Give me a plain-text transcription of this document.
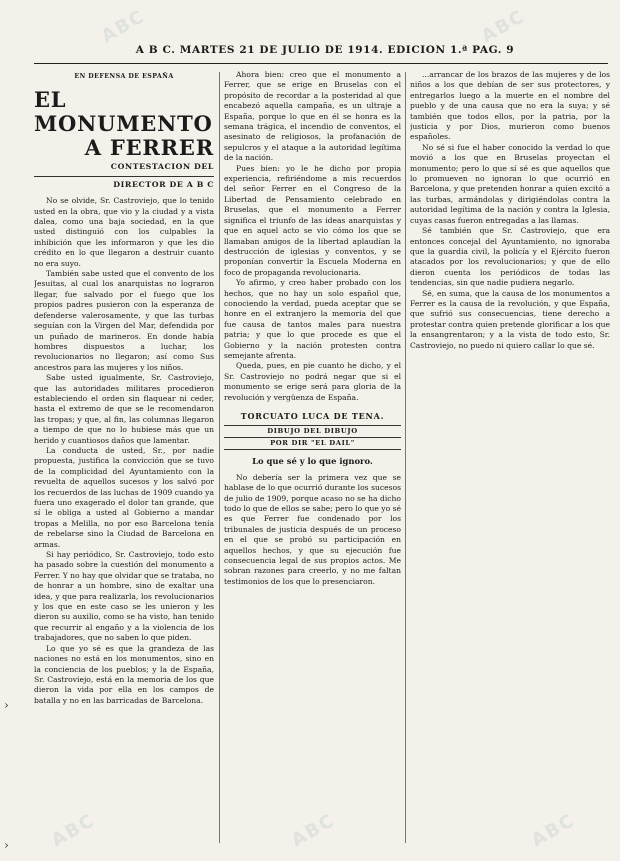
ABC	ABC
ABC	ABC	ABC
A B C. MARTES 21 DE JULIO DE 1914. EDICION 1.ª PAG. 9
›
›
EN DEFENSA DE ESPAÑA
EL MONUMENTO
A FERRER
CONTESTACION DEL
DIRECTOR DE A B C

No se olvide, Sr. Castroviejo, que lo tenido usted en la obra, que vio y la ciudad y a vista dalea, como una baja sociedad, en la que usted distinguió con los culpables la inhibición que les informaron y que les dio crédito en lo que llegaron a destruir cuanto no era suyo.

También sabe usted que el convento de los Jesuitas, al cual los anarquistas no lograron llegar, fue salvado por el fuego que los propios padres pusieron con la esperanza de defenderse valerosamente, y que las turbas seguían con la Virgen del Mar, defendida por un puñado de marineros. En donde había hombres dispuestos a luchar, los revolucionarios no llegaron; así como Sus ancestros para las mujeres y los niños.

Sabe usted igualmente, Sr. Castroviejo, que las autoridades militares procedieron estableciendo el orden sin flaquear ni ceder, hasta el extremo de que se le recomendaron las tropas; y que, al fin, las columnas llegaron a tiempo de que no lo hubiese más que un herido y cuantiosos daños que lamentar.

La conducta de usted, Sr., por nadie propuesta, justifica la convicción que se tuvo de la complicidad del Ayuntamiento con la revuelta de aquellos sucesos y los salvó por los recuerdos de las luchas de 1909 cuando ya fuera uno exagerado el dolor tan grande, que sí le obliga a usted al Gobierno a mandar tropas a Melilla, no por eso Barcelona tenía de rebelarse sino la Ciudad de Barcelona en armas.

Si hay periódico, Sr. Castroviejo, todo esto ha pasado sobre la cuestión del monumento a Ferrer. Y no hay que olvidar que se trataba, no de honrar a un hombre, sino de exaltar una idea, y que para realizarla, los revolucionarios y los que en este caso se les unieron y les dieron su auxilio, como se ha visto, han tenido que recurrir al engaño y a la violencia de los trabajadores, que no saben lo que piden.

Lo que yo sé es que la grandeza de las naciones no está en los monumentos, sino en la conciencia de los pueblos; y la de España, Sr. Castroviejo, está en la memoria de los que dieron la vida por ella en los campos de batalla y no en las barricadas de Barcelona.

Ahora bien: creo que el monumento a Ferrer, que se erige en Bruselas con el propósito de recordar a la posteridad al que encabezó aquella campaña, es un ultraje a España, porque lo que en él se honra es la semana trágica, el incendio de conventos, el asesinato de religiosos, la profanación de sepulcros y el ataque a la autoridad legítima de la nación.

Pues bien: yo le he dicho por propia experiencia, refiriéndome a mis recuerdos del señor Ferrer en el Congreso de la Libertad de Pensamiento celebrado en Bruselas, que el monumento a Ferrer significa el triunfo de las ideas anarquistas y que en aquel acto se vio cómo los que se llamaban amigos de la libertad aplaudían la destrucción de iglesias y conventos, y se proponían convertir la Escuela Moderna en foco de propaganda revolucionaria.

Yo afirmo, y creo haber probado con los hechos, que no hay un solo español que, conociendo la verdad, pueda aceptar que se honre en el extranjero la memoria del que fue causa de tantos males para nuestra patria; y que lo que procede es que el Gobierno y la nación protesten contra semejante afrenta.

Queda, pues, en pie cuanto he dicho, y el Sr. Castroviejo no podrá negar que si el monumento se erige será para gloria de la revolución y vergüenza de España.

TORCUATO LUCA DE TENA.
DIBUJO DEL DIBUJO
POR DIR "EL DAIL"
Lo que sé y lo que ignoro.

No debería ser la primera vez que se hablase de lo que ocurrió durante los sucesos de julio de 1909, porque acaso no se ha dicho todo lo que de ellos se sabe; pero lo que yo sé es que Ferrer fue condenado por los tribunales de justicia después de un proceso en el que se probó su participación en aquellos hechos, y que su ejecución fue consecuencia legal de sus propios actos. Me sobran razones para creerlo, y no me faltan testimonios de los que lo presenciaron.

...arrancar de los brazos de las mujeres y de los niños a los que debían de ser sus protectores, y entregarlos luego a la muerte en el nombre del pueblo y de una causa que no era la suya; y sé también que todos ellos, por la patria, por la justicia y por Dios, murieron como buenos españoles.

No sé si fue el haber conocido la verdad lo que movió a los que en Bruselas proyectan el monumento; pero lo que sí sé es que aquellos que lo promueven no ignoran lo que ocurrió en Barcelona, y que pretenden honrar a quien excitó a las turbas, armándolas y dirigiéndolas contra la autoridad legítima de la nación y contra la Iglesia, cuyas casas fueron entregadas a las llamas.

Sé también que Sr. Castroviejo, que era entonces concejal del Ayuntamiento, no ignoraba que la guardia civil, la policía y el Ejército fueron atacados por los revolucionarios; y que de ello dieron cuenta los periódicos de todas las tendencias, sin que nadie pudiera negarlo.

Sé, en suma, que la causa de los monumentos a Ferrer es la causa de la revolución, y que España, que sufrió sus consecuencias, tiene derecho a protestar contra quien pretende glorificar a los que la ensangrentaron; y a la vista de todo esto, Sr. Castroviejo, no puedo ni quiero callar lo que sé.
